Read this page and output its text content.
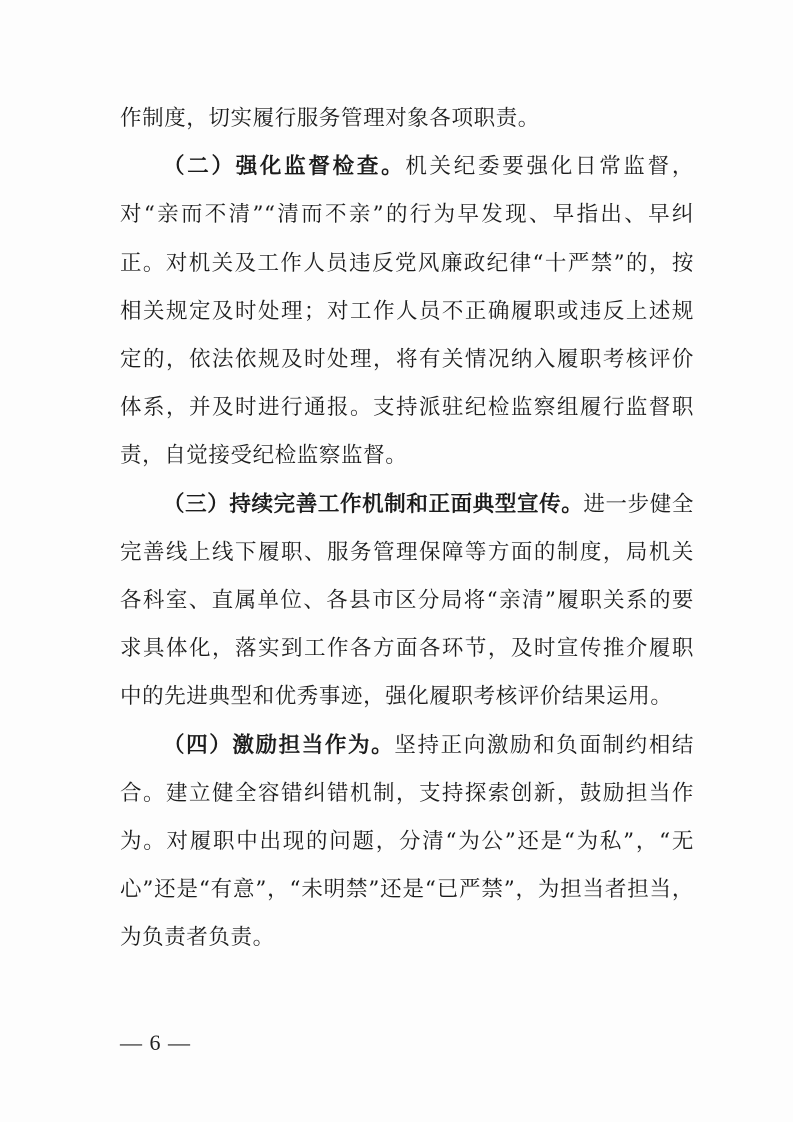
作制度，切实履行服务管理对象各项职责。

（二）强化监督检查。机关纪委要强化日常监督，对“亲而不清”“清而不亲”的行为早发现、早指出、早纠正。对机关及工作人员违反党风廉政纪律“十严禁”的，按相关规定及时处理；对工作人员不正确履职或违反上述规定的，依法依规及时处理，将有关情况纳入履职考核评价体系，并及时进行通报。支持派驻纪检监察组履行监督职责，自觉接受纪检监察监督。

（三）持续完善工作机制和正面典型宣传。进一步健全完善线上线下履职、服务管理保障等方面的制度，局机关各科室、直属单位、各县市区分局将“亲清”履职关系的要求具体化，落实到工作各方面各环节，及时宣传推介履职中的先进典型和优秀事迹，强化履职考核评价结果运用。

（四）激励担当作为。坚持正向激励和负面制约相结合。建立健全容错纠错机制，支持探索创新，鼓励担当作为。对履职中出现的问题，分清“为公”还是“为私”，“无心”还是“有意”，“未明禁”还是“已严禁”，为担当者担当，为负责者负责。

— 6 —
